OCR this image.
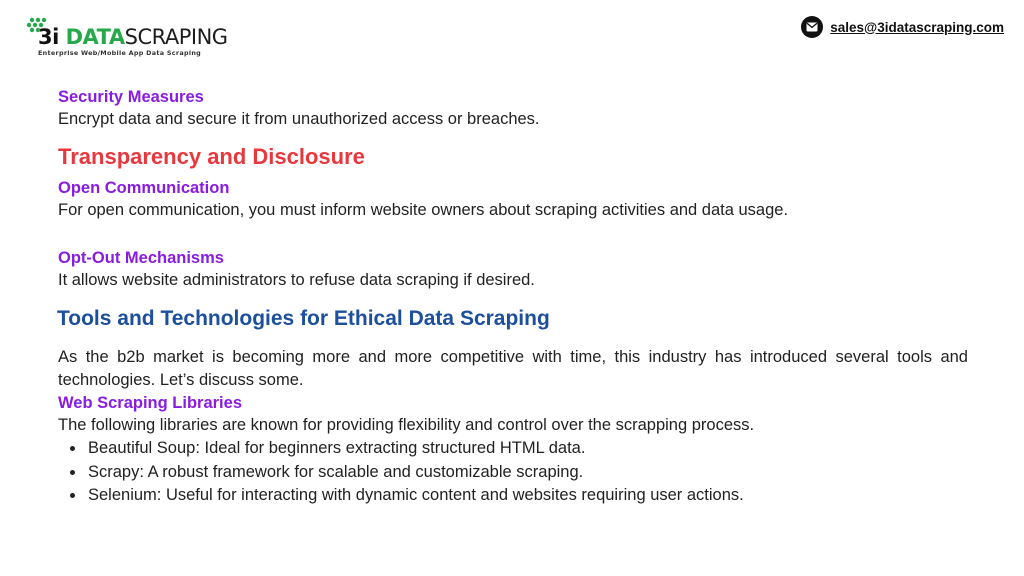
3i DATASCRAPING
Enterprise Web/Mobile App Data Scraping
sales@3idatascraping.com

Security Measures

Encrypt data and secure it from unauthorized access or breaches.

Transparency and Disclosure

Open Communication

For open communication, you must inform website owners about scraping activities and data usage.

Opt-Out Mechanisms

It allows website administrators to refuse data scraping if desired.

Tools and Technologies for Ethical Data Scraping

As the b2b market is becoming more and more competitive with time, this industry has introduced several tools and technologies. Let’s discuss some.

Web Scraping Libraries

The following libraries are known for providing flexibility and control over the scrapping process.

• Beautiful Soup: Ideal for beginners extracting structured HTML data.
• Scrapy: A robust framework for scalable and customizable scraping.
• Selenium: Useful for interacting with dynamic content and websites requiring user actions.
